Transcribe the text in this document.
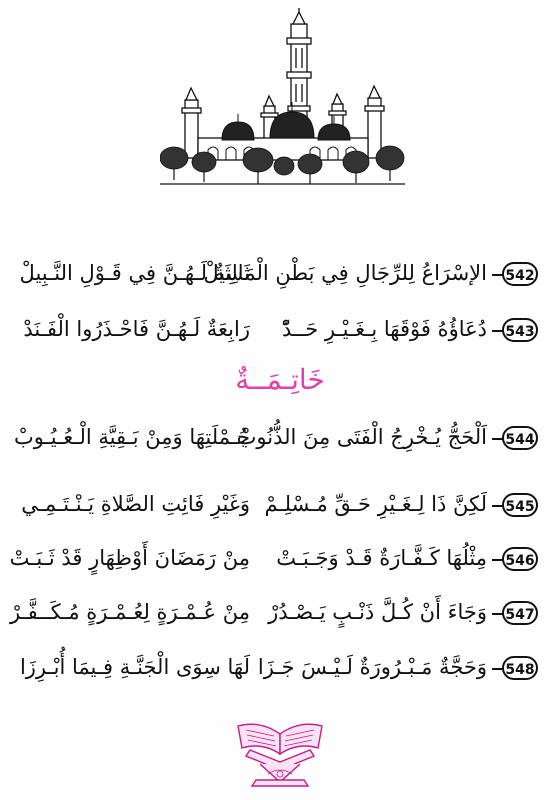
542
الإسْرَاعُ لِلرِّجَالِ فِي بَطْنِ الْمَسِيلْ
ثَالِثَةٌ لَـهُـنَّ فِي قَـوْلِ النَّـبِيلْ
543
دُعَاؤُهُ فَوْقَهَا بِـغَـيْـرِ حَــدّْ
رَابِعَةٌ لَـهُـنَّ فَاحْـذَرُوا الْفَـنَدْ
خَاتِـمَــةٌ
544
اَلْحَجُّ يُـخْرِجُ الْفَتَى مِنَ الذُّنُوبْ
جُـمْلَتِهَا وَمِنْ بَـقِيَّةِ الْـعُـيُـوبْ
545
لَكِنَّ ذَا لِـغَـيْرِ حَـقِّ مُـسْلِـمْ
وَغَيْرِ فَائِتِ الصَّلاةِ يَـنْـتَـمِـي
546
مِثْلُهَا كَـفَّـارَةٌ قَـدْ وَجَـبَـتْ
مِنْ رَمَضَانَ أَوْظِهَارٍ قَدْ ثَـبَـتْ
547
وَجَاءَ أَنْ كُـلَّ ذَنْـبٍ يَـصْـدُرْ
مِنْ عُـمْـرَةٍ لِعُـمْـرَةٍ مُـكَــفَّـرْ
548
وَحَجَّةٌ مَـبْـرُورَةٌ لَـيْـسَ جَـزَا
لَهَا سِوَى الْجَنَّـةِ فِـيمَا أُبْـرِزَا
